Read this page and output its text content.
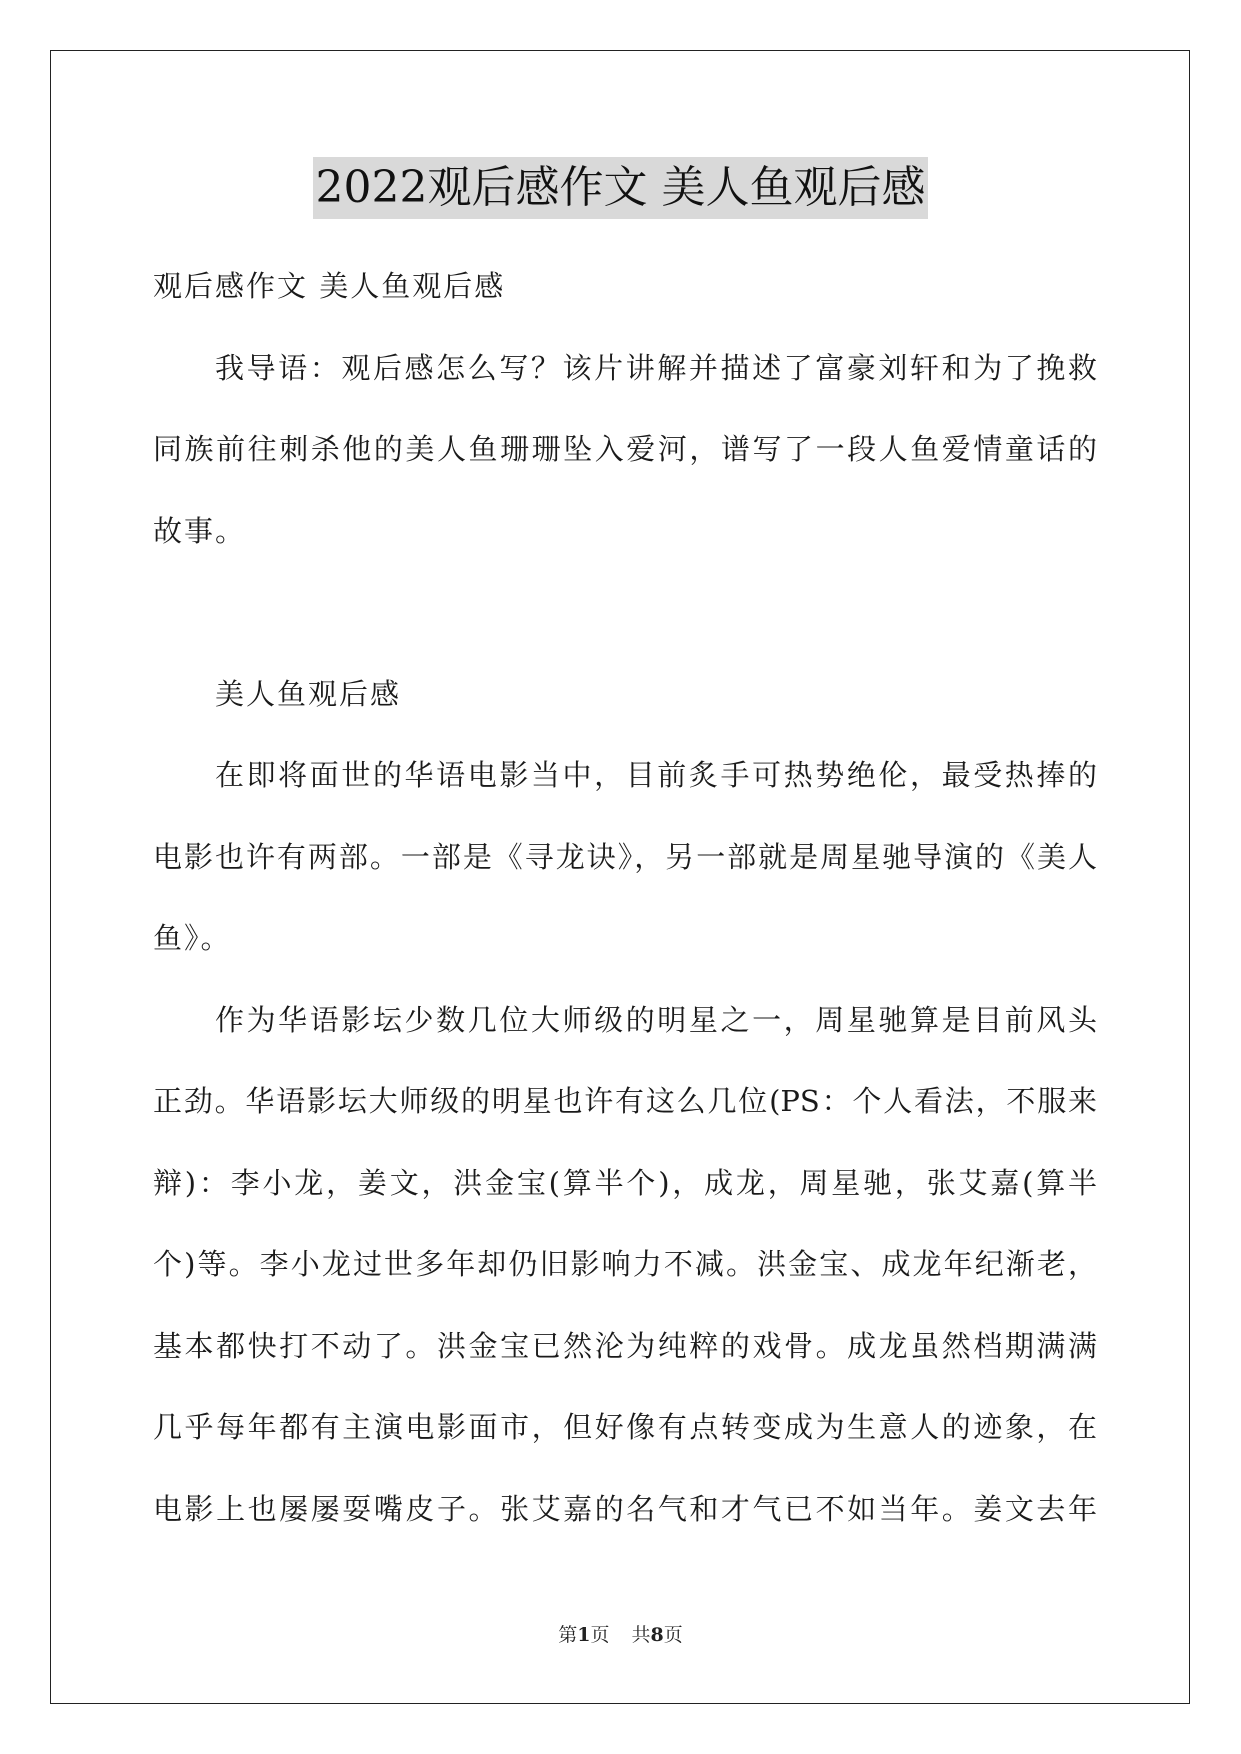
2022观后感作文 美人鱼观后感
观后感作文 美人鱼观后感
我导语：观后感怎么写？该片讲解并描述了富豪刘轩和为了挽救
同族前往刺杀他的美人鱼珊珊坠入爱河，谱写了一段人鱼爱情童话的
故事。
美人鱼观后感
在即将面世的华语电影当中，目前炙手可热势绝伦，最受热捧的
电影也许有两部。一部是《寻龙诀》，另一部就是周星驰导演的《美人
鱼》。
作为华语影坛少数几位大师级的明星之一，周星驰算是目前风头
正劲。华语影坛大师级的明星也许有这么几位(PS：个人看法，不服来
辩)：李小龙，姜文，洪金宝(算半个)，成龙，周星驰，张艾嘉(算半
个)等。李小龙过世多年却仍旧影响力不减。洪金宝、成龙年纪渐老，
基本都快打不动了。洪金宝已然沦为纯粹的戏骨。成龙虽然档期满满
几乎每年都有主演电影面市，但好像有点转变成为生意人的迹象，在
电影上也屡屡耍嘴皮子。张艾嘉的名气和才气已不如当年。姜文去年
第1页 共8页
